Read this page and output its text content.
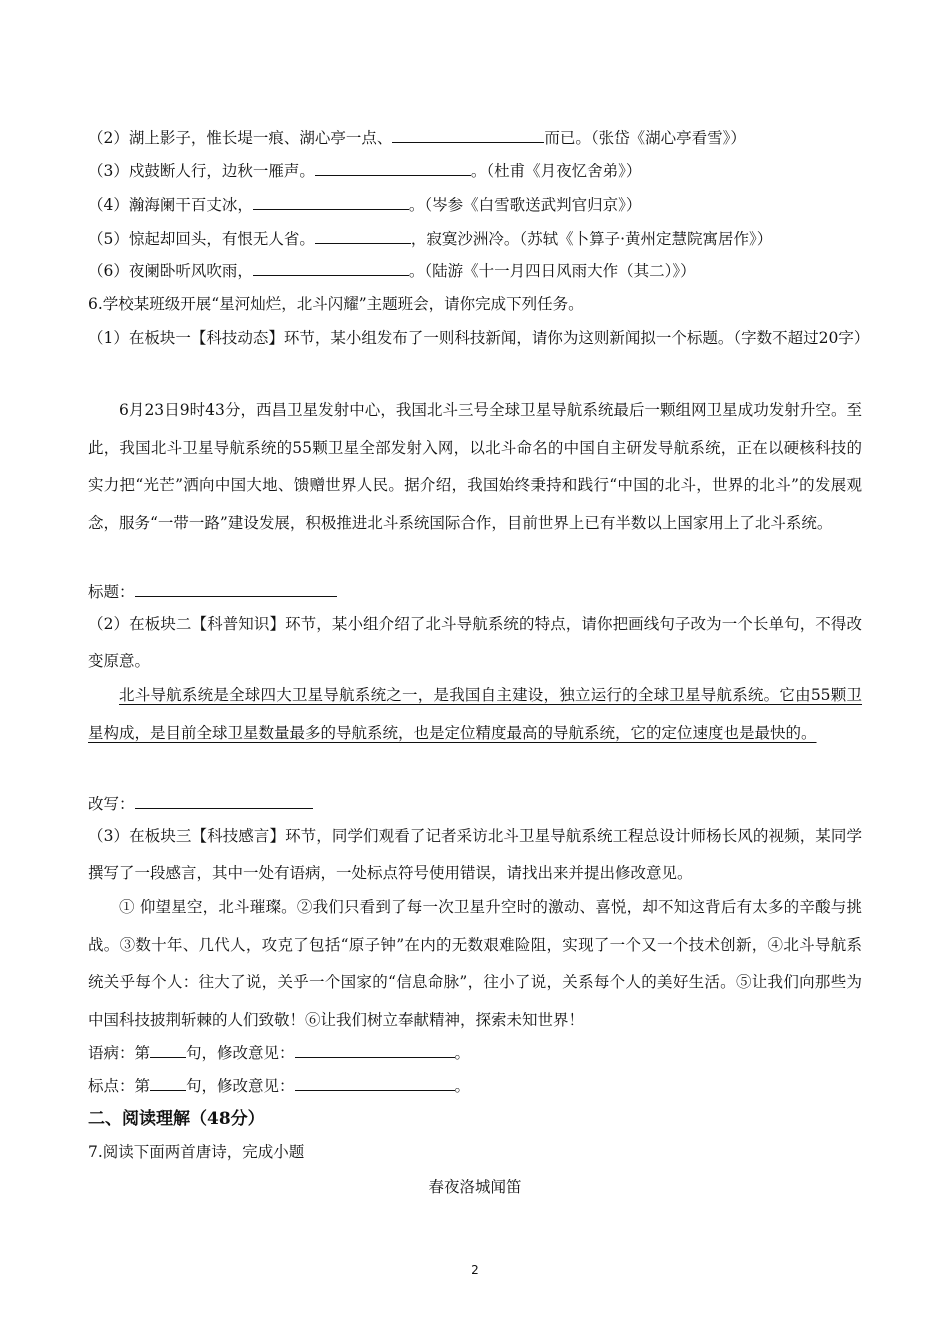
（2）湖上影子，惟长堤一痕、湖心亭一点、	而已。（张岱《湖心亭看雪》）
（3）戍鼓断人行，边秋一雁声。	。（杜甫《月夜忆舍弟》）
（4）瀚海阑干百丈冰，	。（岑参《白雪歌送武判官归京》）
（5）惊起却回头，有恨无人省。	，寂寞沙洲冷。（苏轼《卜算子·黄州定慧院寓居作》）
（6）夜阑卧听风吹雨，	。（陆游《十一月四日风雨大作（其二）》）
6.学校某班级开展“星河灿烂，北斗闪耀”主题班会，请你完成下列任务。
（1）在板块一【科技动态】环节，某小组发布了一则科技新闻，请你为这则新闻拟一个标题。（字数不超过20字）
6月23日9时43分，西昌卫星发射中心，我国北斗三号全球卫星导航系统最后一颗组网卫星成功发射升空。至此，我国北斗卫星导航系统的55颗卫星全部发射入网，以北斗命名的中国自主研发导航系统，正在以硬核科技的实力把“光芒”洒向中国大地、馈赠世界人民。据介绍，我国始终秉持和践行“中国的北斗，世界的北斗”的发展观念，服务“一带一路”建设发展，积极推进北斗系统国际合作，目前世界上已有半数以上国家用上了北斗系统。
标题：
（2）在板块二【科普知识】环节，某小组介绍了北斗导航系统的特点，请你把画线句子改为一个长单句，不得改变原意。
北斗导航系统是全球四大卫星导航系统之一，是我国自主建设，独立运行的全球卫星导航系统。它由55颗卫星构成，是目前全球卫星数量最多的导航系统，也是定位精度最高的导航系统，它的定位速度也是最快的。
改写：
（3）在板块三【科技感言】环节，同学们观看了记者采访北斗卫星导航系统工程总设计师杨长风的视频，某同学撰写了一段感言，其中一处有语病，一处标点符号使用错误，请找出来并提出修改意见。
① 仰望星空，北斗璀璨。②我们只看到了每一次卫星升空时的激动、喜悦，却不知这背后有太多的辛酸与挑战。③数十年、几代人，攻克了包括“原子钟”在内的无数艰难险阻，实现了一个又一个技术创新，④北斗导航系统关乎每个人：往大了说，关乎一个国家的“信息命脉”，往小了说，关系每个人的美好生活。⑤让我们向那些为中国科技披荆斩棘的人们致敬！⑥让我们树立奉献精神，探索未知世界！
语病：第 句，修改意见：	。
标点：第 句，修改意见：	。
二、阅读理解（48分）
7.阅读下面两首唐诗，完成小题
春夜洛城闻笛
2
